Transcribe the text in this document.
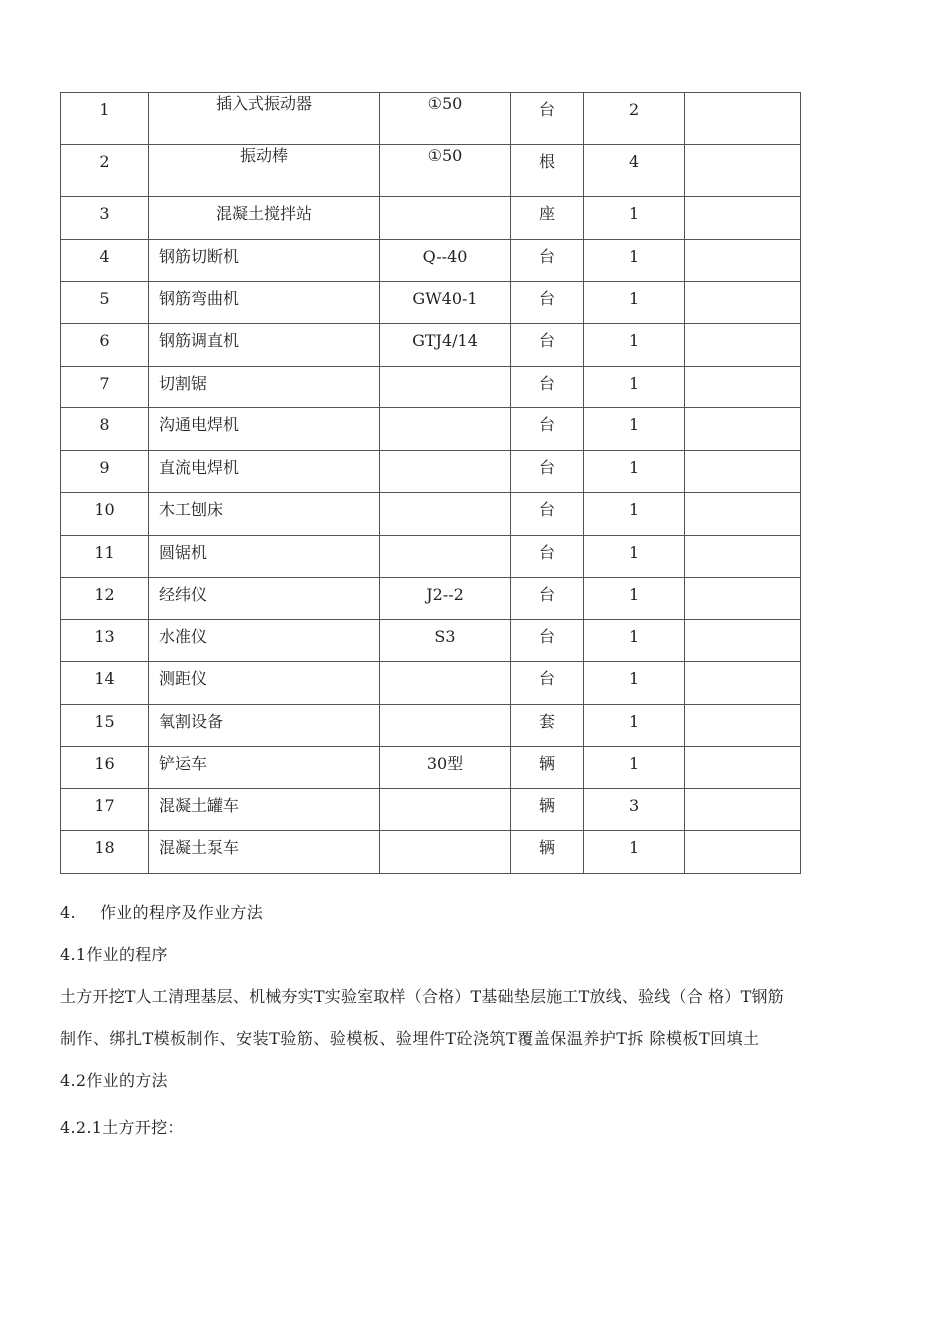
1	插入式振动器	①50	台	2	
2	振动棒	①50	根	4	
3	混凝土搅拌站		座	1	
4	钢筋切断机	Q--40	台	1	
5	钢筋弯曲机	GW40-1	台	1	
6	钢筋调直机	GTJ4/14	台	1	
7	切割锯		台	1	
8	沟通电焊机		台	1	
9	直流电焊机		台	1	
10	木工刨床		台	1	
11	圆锯机		台	1	
12	经纬仪	J2--2	台	1	
13	水准仪	S3	台	1	
14	测距仪		台	1	
15	氧割设备		套	1	
16	铲运车	30型	辆	1	
17	混凝土罐车		辆	3	
18	混凝土泵车		辆	1	
4. 作业的程序及作业方法
4.1作业的程序
土方开挖T人工清理基层、机械夯实T实验室取样（合格）T基础垫层施工T放线、验线（合 格）T钢筋
制作、绑扎T模板制作、安装T验筋、验模板、验埋件T砼浇筑T覆盖保温养护T拆 除模板T回填土
4.2作业的方法
4.2.1土方开挖：
